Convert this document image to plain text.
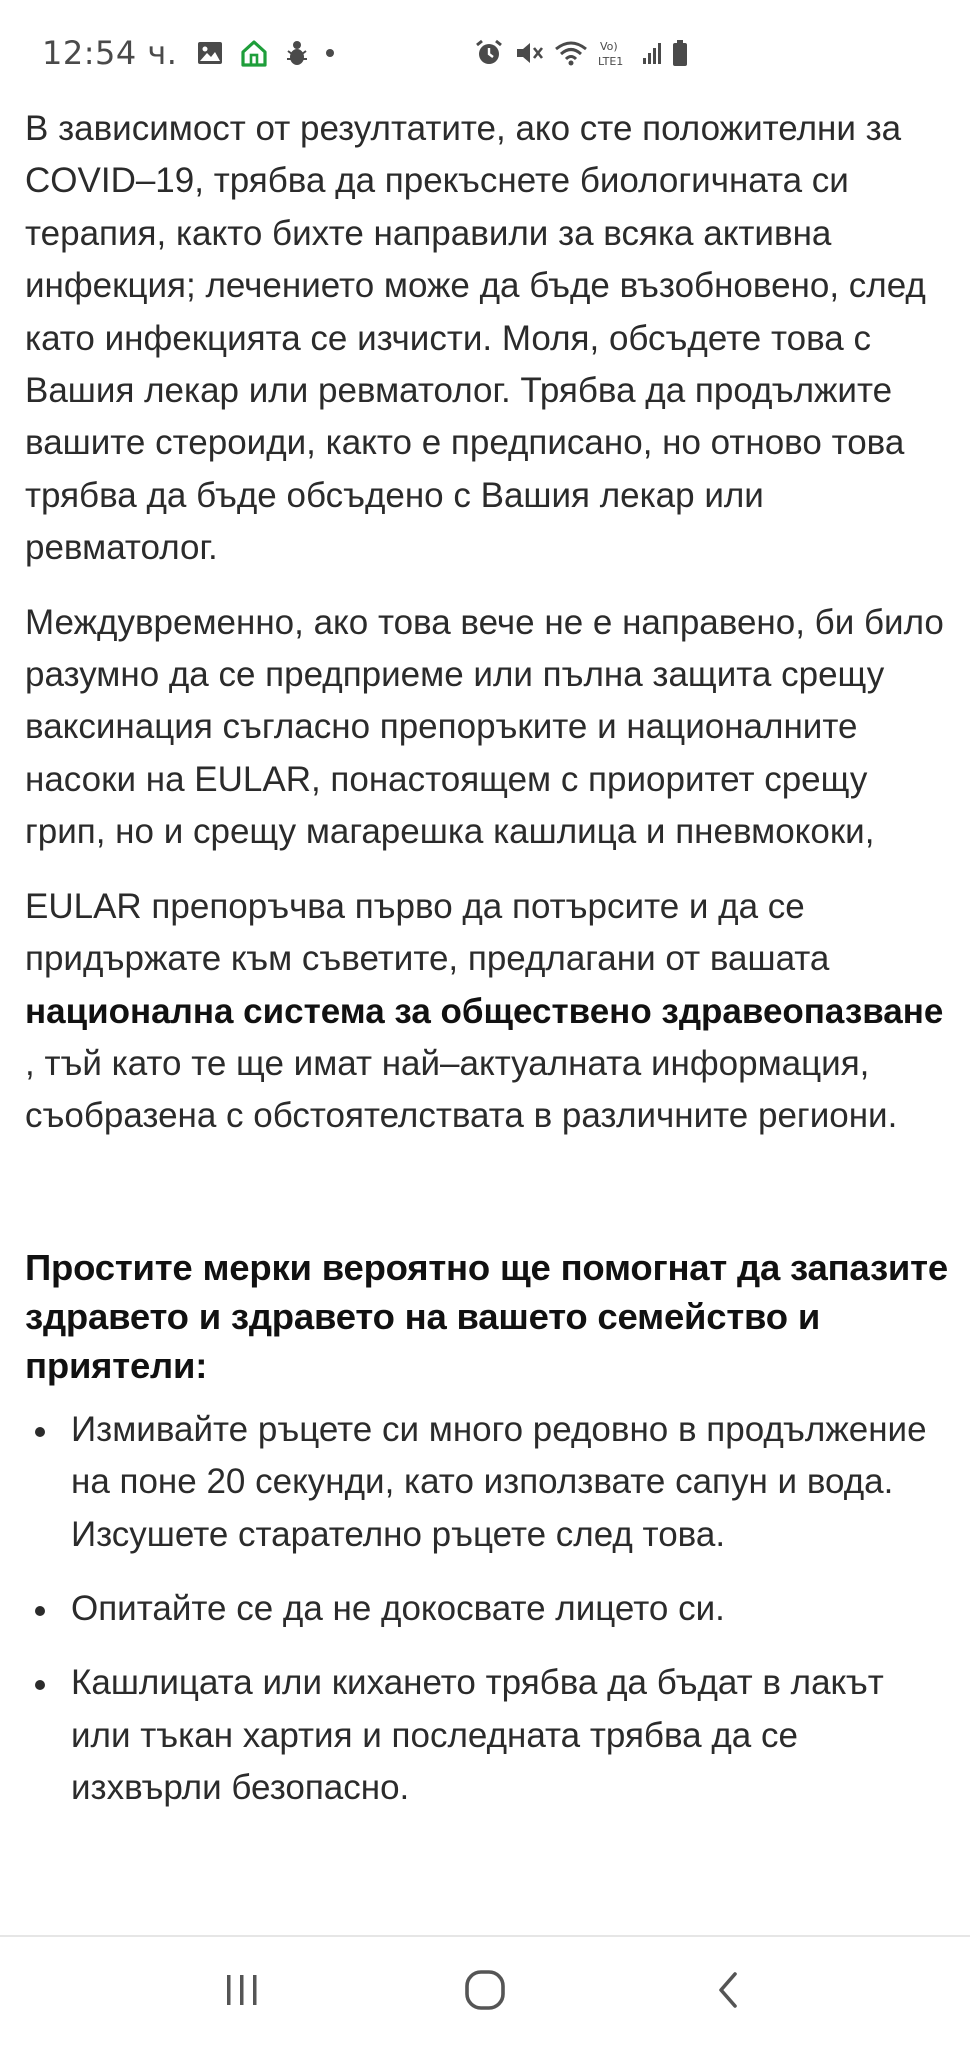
12:54 ч.	Vo)
LTE1

В зависимост от резултатите, ако сте положителни за COVID–19, трябва да прекъснете биологичната си терапия, както бихте направили за всяка активна инфекция; лечението може да бъде възобновено, след като инфекцията се изчисти. Моля, обсъдете това с Вашия лекар или ревматолог. Трябва да продължите вашите стероиди, както е предписано, но отново това трябва да бъде обсъдено с Вашия лекар или ревматолог.

Междувременно, ако това вече не е направено, би било разумно да се предприеме или пълна защита срещу ваксинация съгласно препоръките и националните насоки на EULAR, понастоящем с приоритет срещу грип, но и срещу магарешка кашлица и пневмококи,

EULAR препоръчва първо да потърсите и да се придържате към съветите, предлагани от вашата национална система за обществено здравеопазване , тъй като те ще имат най–актуалната информация, съобразена с обстоятелствата в различните региони.

Простите мерки вероятно ще помогнат да запазите здравето и здравето на вашето семейство и приятели:
Измивайте ръцете си много редовно в продължение на поне 20 секунди, като използвате сапун и вода. Изсушете старателно ръцете след това.
Опитайте се да не докосвате лицето си.
Кашлицата или кихането трябва да бъдат в лакът или тъкан хартия и последната трябва да се изхвърли безопасно.
